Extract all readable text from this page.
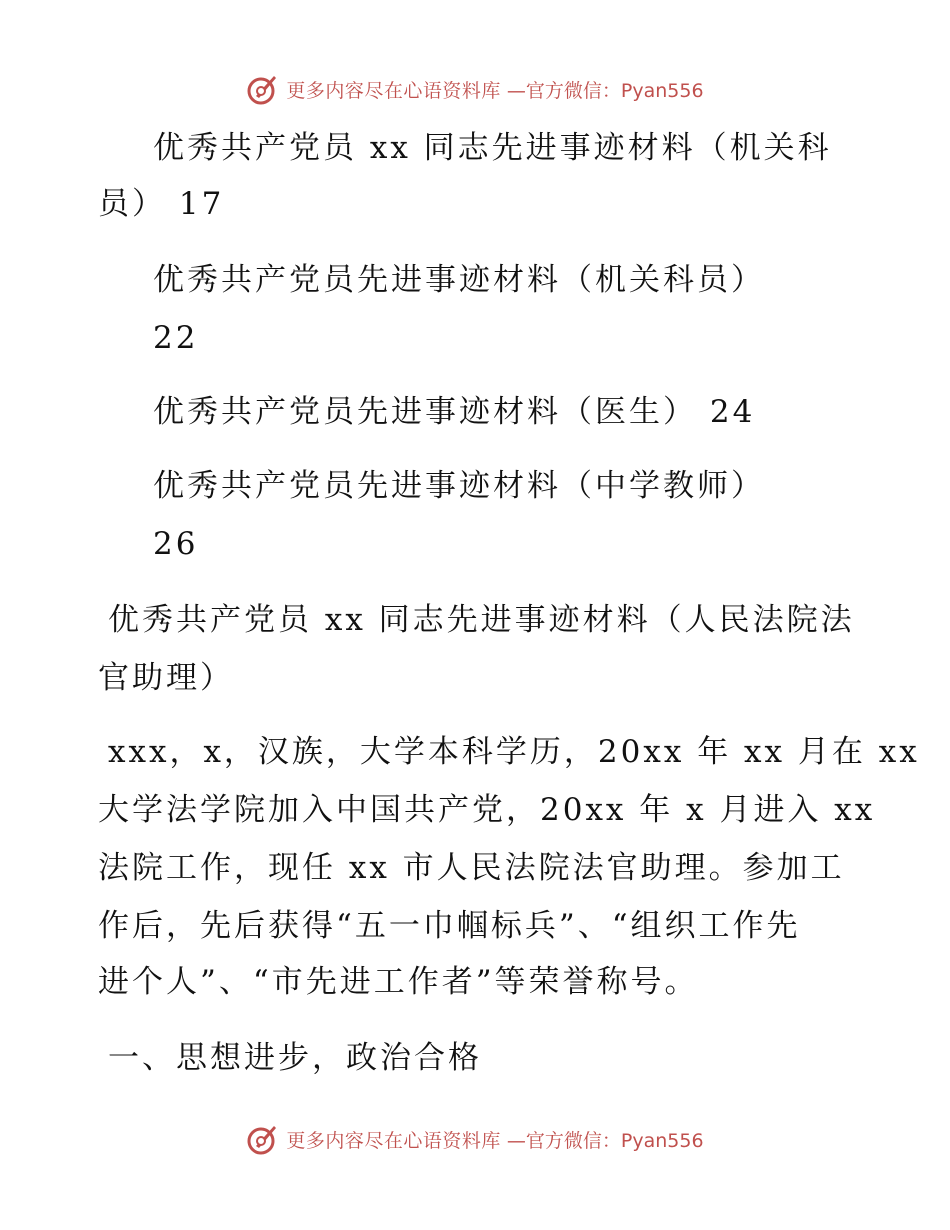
更多内容尽在心语资料库 —官方微信：Pyan556
优秀共产党员 xx 同志先进事迹材料（机关科
员） 17
优秀共产党员先进事迹材料（机关科员）
22
优秀共产党员先进事迹材料（医生） 24
优秀共产党员先进事迹材料（中学教师）
26
优秀共产党员 xx 同志先进事迹材料（人民法院法
官助理）
xxx，x，汉族，大学本科学历，20xx 年 xx 月在 xx
大学法学院加入中国共产党，20xx 年 x 月进入 xx
法院工作，现任 xx 市人民法院法官助理。参加工
作后，先后获得“五一巾帼标兵”、“组织工作先
进个人”、“市先进工作者”等荣誉称号。
一、思想进步，政治合格
更多内容尽在心语资料库 —官方微信：Pyan556
